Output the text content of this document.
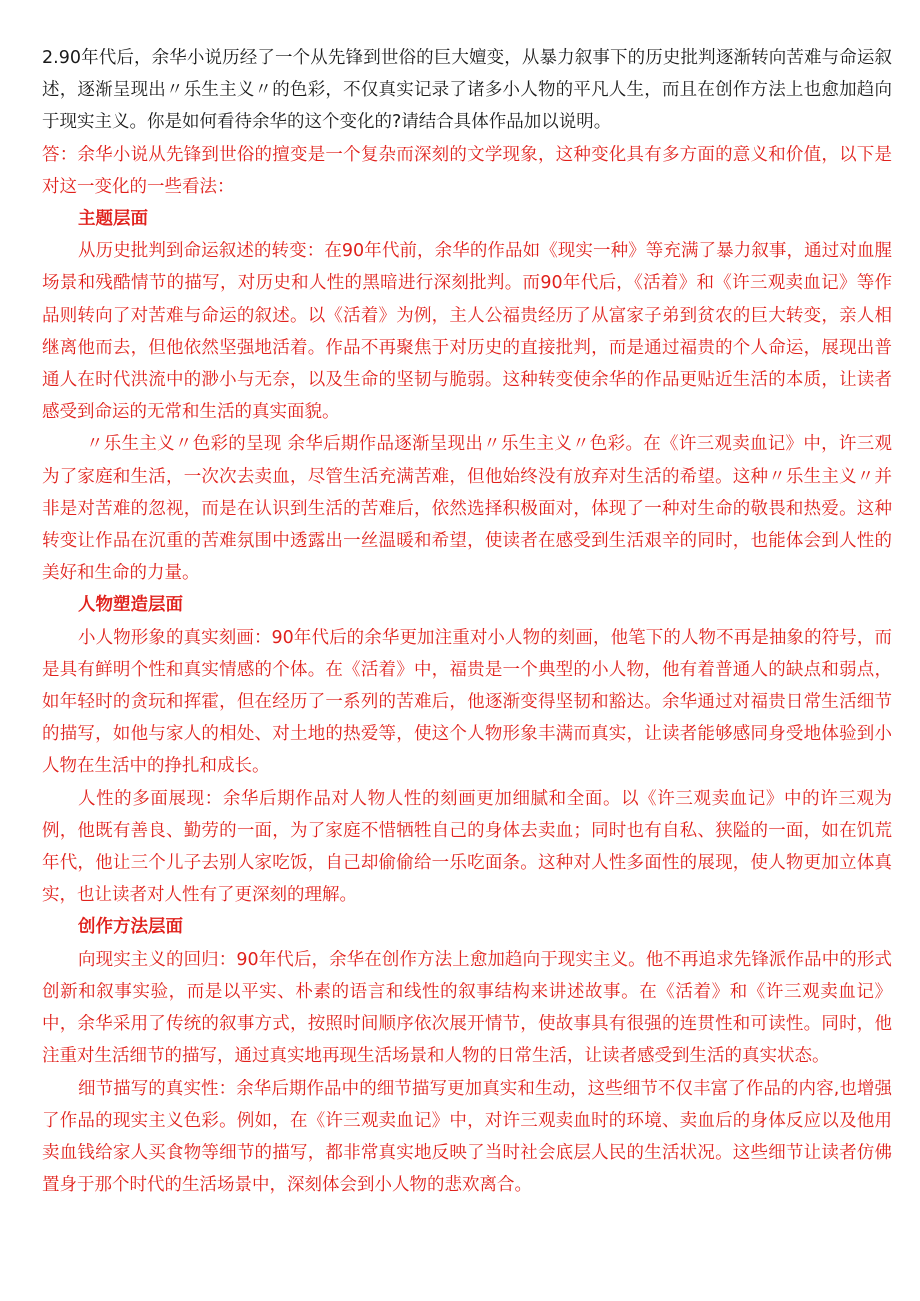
2.90年代后，余华小说历经了一个从先锋到世俗的巨大嬗变，从暴力叙事下的历史批判逐渐转向苦难与命运叙述，逐渐呈现出〃乐生主义〃的色彩，不仅真实记录了诸多小人物的平凡人生，而且在创作方法上也愈加趋向于现实主义。你是如何看待余华的这个变化的?请结合具体作品加以说明。

答：余华小说从先锋到世俗的擅变是一个复杂而深刻的文学现象，这种变化具有多方面的意义和价值，以下是对这一变化的一些看法：

主题层面

从历史批判到命运叙述的转变：在90年代前，余华的作品如《现实一种》等充满了暴力叙事，通过对血腥场景和残酷情节的描写，对历史和人性的黑暗进行深刻批判。而90年代后，《活着》和《许三观卖血记》等作品则转向了对苦难与命运的叙述。以《活着》为例，主人公福贵经历了从富家子弟到贫农的巨大转变，亲人相继离他而去，但他依然坚强地活着。作品不再聚焦于对历史的直接批判，而是通过福贵的个人命运，展现出普通人在时代洪流中的渺小与无奈，以及生命的坚韧与脆弱。这种转变使余华的作品更贴近生活的本质，让读者感受到命运的无常和生活的真实面貌。

〃乐生主义〃色彩的呈现 余华后期作品逐渐呈现出〃乐生主义〃色彩。在《许三观卖血记》中，许三观为了家庭和生活，一次次去卖血，尽管生活充满苦难，但他始终没有放弃对生活的希望。这种〃乐生主义〃并非是对苦难的忽视，而是在认识到生活的苦难后，依然选择积极面对，体现了一种对生命的敬畏和热爱。这种转变让作品在沉重的苦难氛围中透露出一丝温暖和希望，使读者在感受到生活艰辛的同时，也能体会到人性的美好和生命的力量。

人物塑造层面

小人物形象的真实刻画：90年代后的余华更加注重对小人物的刻画，他笔下的人物不再是抽象的符号，而是具有鲜明个性和真实情感的个体。在《活着》中，福贵是一个典型的小人物，他有着普通人的缺点和弱点，如年轻时的贪玩和挥霍，但在经历了一系列的苦难后，他逐渐变得坚韧和豁达。余华通过对福贵日常生活细节的描写，如他与家人的相处、对土地的热爱等，使这个人物形象丰满而真实，让读者能够感同身受地体验到小人物在生活中的挣扎和成长。

人性的多面展现：余华后期作品对人物人性的刻画更加细腻和全面。以《许三观卖血记》中的许三观为例，他既有善良、勤劳的一面，为了家庭不惜牺牲自己的身体去卖血；同时也有自私、狭隘的一面，如在饥荒年代，他让三个儿子去别人家吃饭，自己却偷偷给一乐吃面条。这种对人性多面性的展现，使人物更加立体真实，也让读者对人性有了更深刻的理解。

创作方法层面

向现实主义的回归：90年代后，余华在创作方法上愈加趋向于现实主义。他不再追求先锋派作品中的形式创新和叙事实验，而是以平实、朴素的语言和线性的叙事结构来讲述故事。在《活着》和《许三观卖血记》中，余华采用了传统的叙事方式，按照时间顺序依次展开情节，使故事具有很强的连贯性和可读性。同时，他注重对生活细节的描写，通过真实地再现生活场景和人物的日常生活，让读者感受到生活的真实状态。

细节描写的真实性：余华后期作品中的细节描写更加真实和生动，这些细节不仅丰富了作品的内容,也增强了作品的现实主义色彩。例如，在《许三观卖血记》中，对许三观卖血时的环境、卖血后的身体反应以及他用卖血钱给家人买食物等细节的描写，都非常真实地反映了当时社会底层人民的生活状况。这些细节让读者仿佛置身于那个时代的生活场景中，深刻体会到小人物的悲欢离合。
